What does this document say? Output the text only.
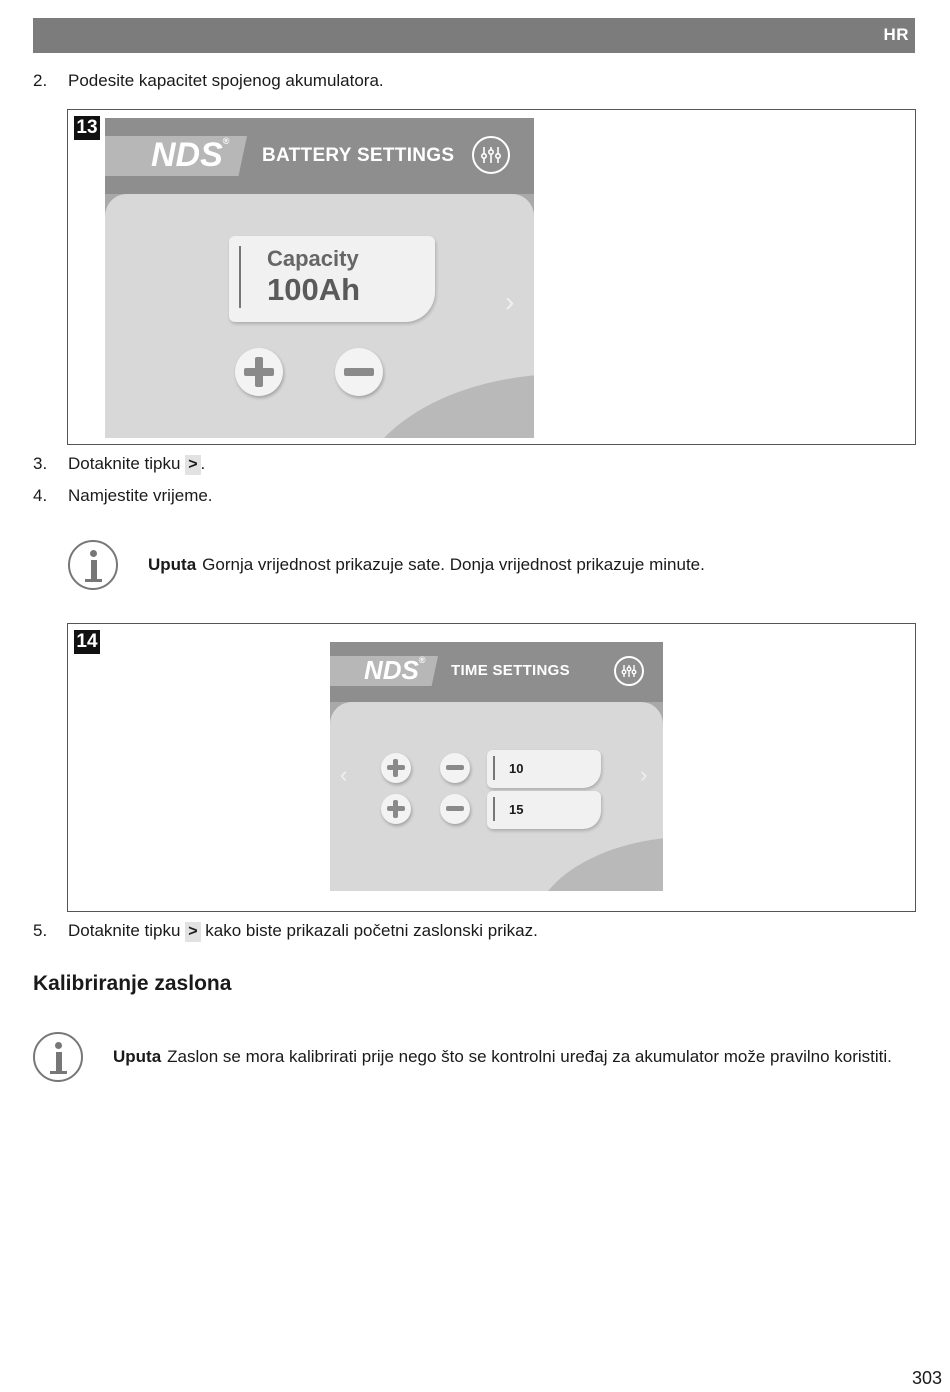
HR
2. Podesite kapacitet spojenog akumulatora.
13
NDS®
BATTERY SETTINGS
Capacity
100Ah	›
3. Dotaknite tipku > .
4. Namjestite vrijeme.
Uputa Gornja vrijednost prikazuje sate. Donja vrijednost prikazuje minute.
14
NDS®
TIME SETTINGS
‹	›
10
15
5. Dotaknite tipku > kako biste prikazali početni zaslonski prikaz.
Kalibriranje zaslona
Uputa Zaslon se mora kalibrirati prije nego što se kontrolni uređaj za akumulator može pravilno koristiti.
303
